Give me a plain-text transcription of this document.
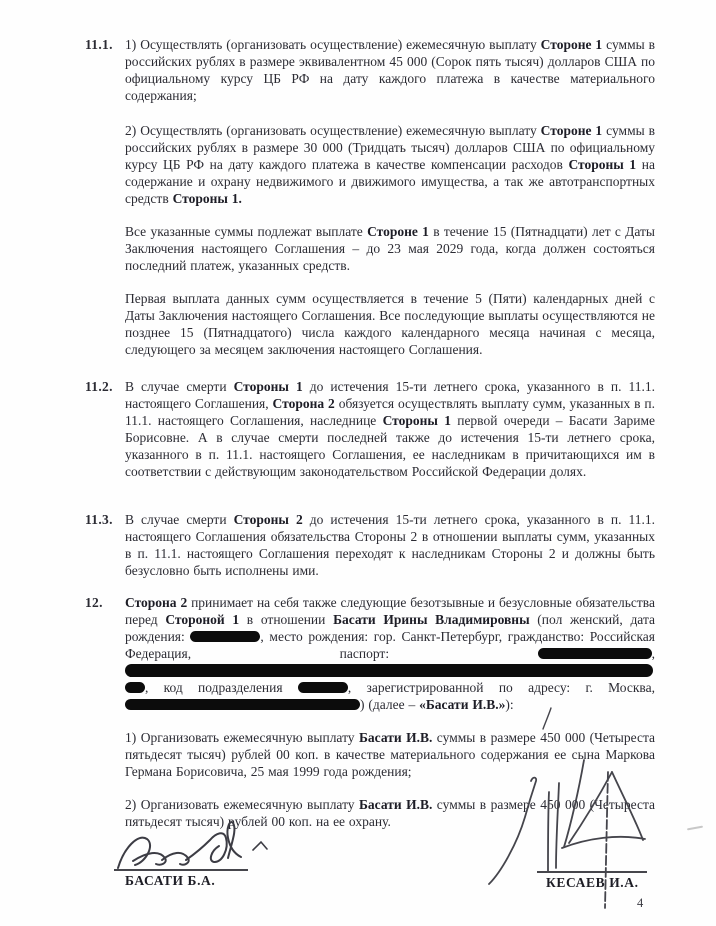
11.1. 1) Осуществлять (организовать осуществление) ежемесячную выплату Стороне 1 суммы в российских рублях в размере эквивалентном 45 000 (Сорок пять тысяч) долларов США по официальному курсу ЦБ РФ на дату каждого платежа в качестве материального содержания;

2) Осуществлять (организовать осуществление) ежемесячную выплату Стороне 1 суммы в российских рублях в размере 30 000 (Тридцать тысяч) долларов США по официальному курсу ЦБ РФ на дату каждого платежа в качестве компенсации расходов Стороны 1 на содержание и охрану недвижимого и движимого имущества, а так же автотранспортных средств Стороны 1.

Все указанные суммы подлежат выплате Стороне 1 в течение 15 (Пятнадцати) лет с Даты Заключения настоящего Соглашения – до 23 мая 2029 года, когда должен состояться последний платеж, указанных средств.

Первая выплата данных сумм осуществляется в течение 5 (Пяти) календарных дней с Даты Заключения настоящего Соглашения. Все последующие выплаты осуществляются не позднее 15 (Пятнадцатого) числа каждого календарного месяца начиная с месяца, следующего за месяцем заключения настоящего Соглашения.

11.2. В случае смерти Стороны 1 до истечения 15-ти летнего срока, указанного в п. 11.1. настоящего Соглашения, Сторона 2 обязуется осуществлять выплату сумм, указанных в п. 11.1. настоящего Соглашения, наследнице Стороны 1 первой очереди – Басати Зариме Борисовне. А в случае смерти последней также до истечения 15-ти летнего срока, указанного в п. 11.1. настоящего Соглашения, ее наследникам в причитающихся им в соответствии с действующим законодательством Российской Федерации долях.

11.3. В случае смерти Стороны 2 до истечения 15-ти летнего срока, указанного в п. 11.1. настоящего Соглашения обязательства Стороны 2 в отношении выплаты сумм, указанных в п. 11.1. настоящего Соглашения переходят к наследникам Стороны 2 и должны быть безусловно быть исполнены ими.

12.	Сторона 2 принимает на себя также следующие безотзывные и безусловные обязательства перед Стороной 1 в отношении Басати Ирины Владимировны (пол женский, дата рождения:	, место рождения: гор. Санкт-Петербург, гражданство: Российская Федерация, паспорт:	,  , код подразделения	, зарегистрированной по адресу: г. Москва, ) (далее – «Басати И.В.»):

1) Организовать ежемесячную выплату Басати И.В. суммы в размере 450 000 (Четыреста пятьдесят тысяч) рублей 00 коп. в качестве материального содержания ее сына Маркова Германа Борисовича, 25 мая 1999 года рождения;

2) Организовать ежемесячную выплату Басати И.В. суммы в размере 450 000 (Четыреста пятьдесят тысяч) рублей 00 коп. на ее охрану.

БАСАТИ Б.А.	КЕСАЕВ И.А.
4
